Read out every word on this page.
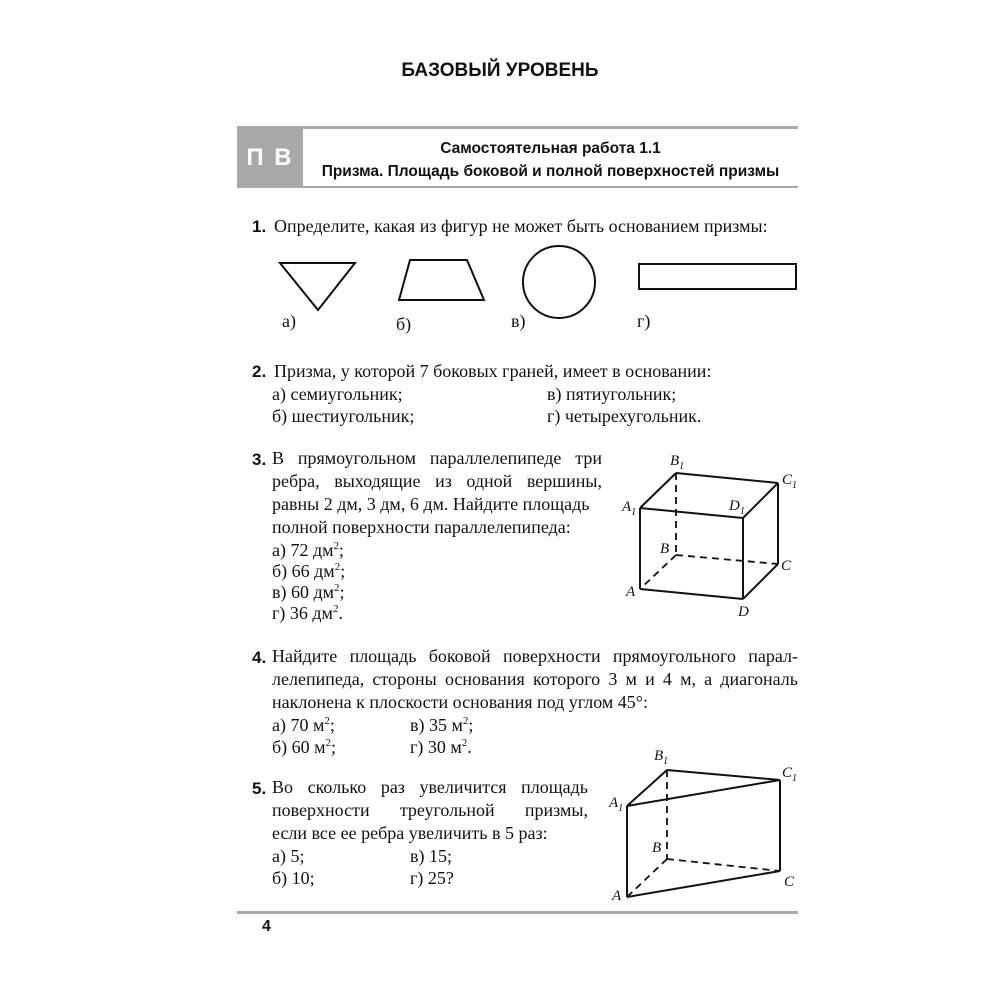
БАЗОВЫЙ УРОВЕНЬ
П В	Самостоятельная работа 1.1
Призма. Площадь боковой и полной поверхностей призмы
1. Определите, какая из фигур не может быть основанием призмы:
а)	б)	в)	г)
2. Призма, у которой 7 боковых граней, имеет в основании:
а) семиугольник;	в) пятиугольник;
б) шестиугольник;	г) четырехугольник.
3. В прямоугольном параллелепипеде три
ребра, выходящие из одной вершины,
равны 2 дм, 3 дм, 6 дм. Найдите площадь
полной поверхности параллелепипеда:
а) 72 $дм^2$;
б) 66 $дм^2$;
в) 60 $дм^2$;
г) 36 $дм^2$.
$B_1$
$C_1$
$A_1$	$D_1$
B
C
A
D
4. Найдите площадь боковой поверхности прямоугольного парал-
лелепипеда, стороны основания которого 3 м и 4 м, а диагональ
наклонена к плоскости основания под углом 45°:
а) 70 $м^2$;	в) 35 $м^2$;
б) 60 $м^2$;	г) 30 $м^2$.
5. Во сколько раз увеличится площадь
поверхности треугольной призмы,
если все ее ребра увеличить в 5 раз:
а) 5;	в) 15;
б) 10;	г) 25?
$B_1$
$C_1$
$A_1$
B
C
A
4
